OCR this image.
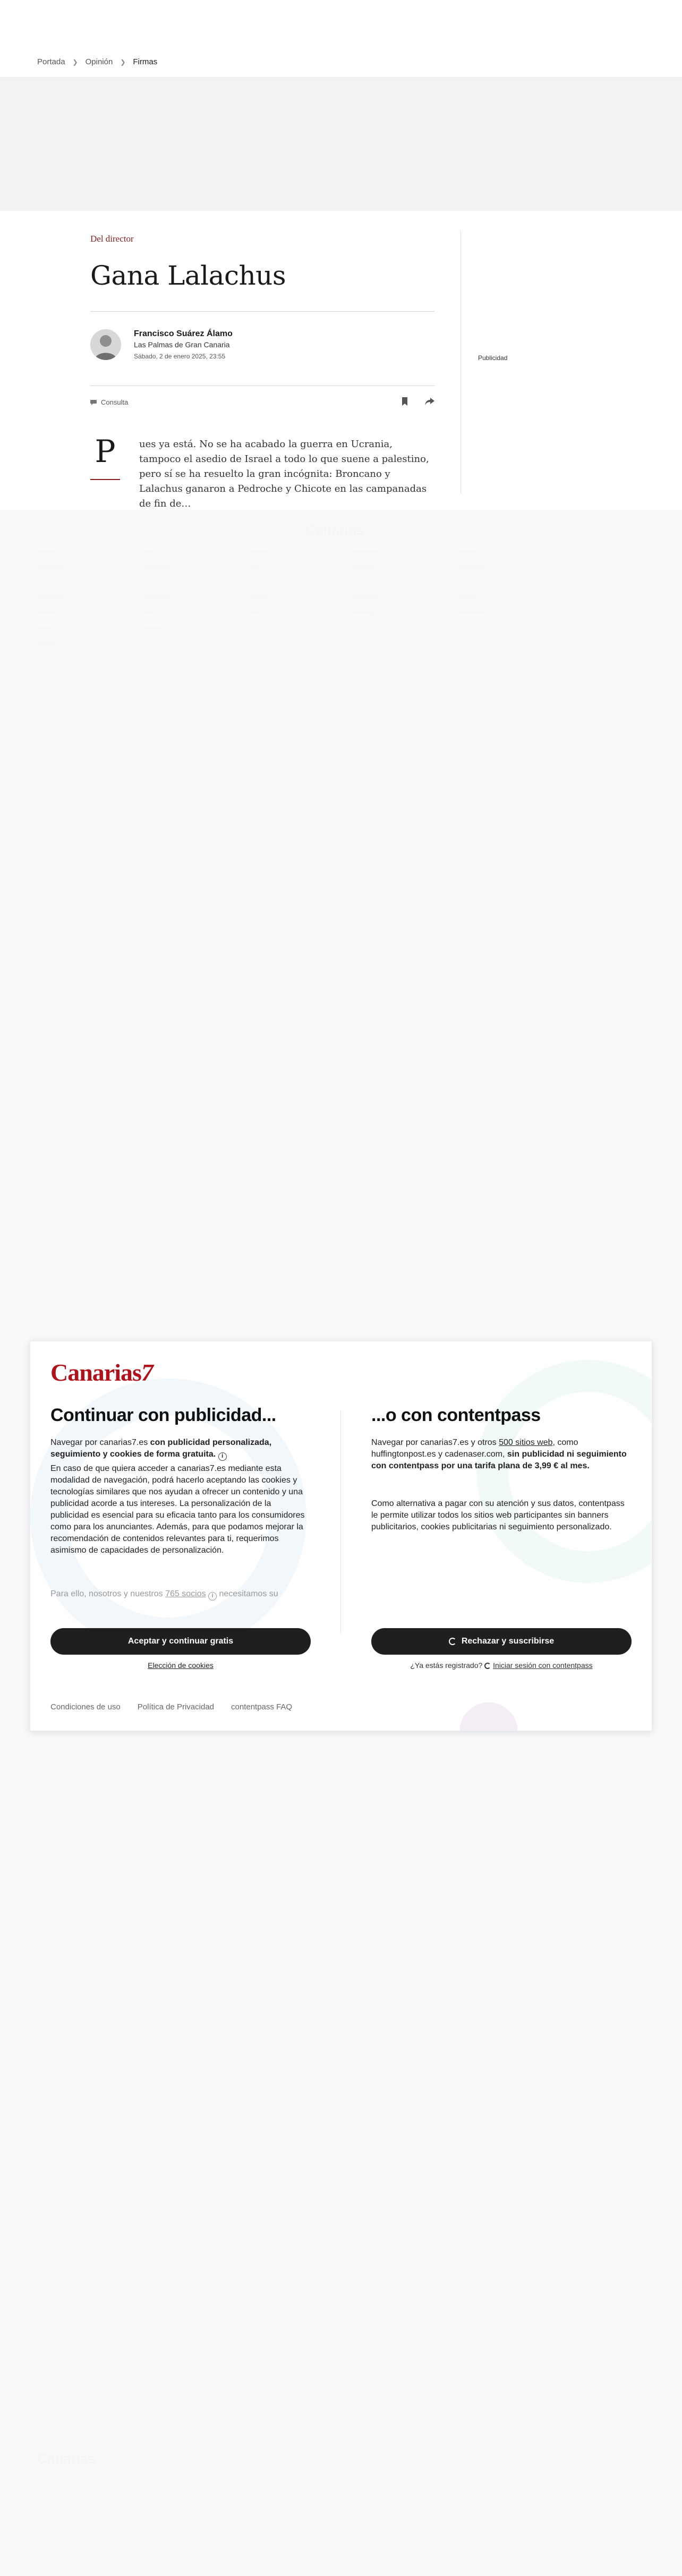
Portada ❯ Opinión ❯ Firmas
Del director
Gana Lalachus
Francisco Suárez Álamo
Las Palmas de Gran Canaria
Sábado, 2 de enero 2025, 23:55
Consulta
P	ues ya está. No se ha acabado la guerra en Ucrania, tampoco el asedio de Israel a todo lo que suene a palestino, pero sí se ha resuelto la gran incógnita: Broncano y Lalachus ganaron a Pedroche y Chicote en las campanadas de fin de…

Publicidad
Canarias7
Continuar con publicidad...

Navegar por canarias7.es con publicidad personalizada, seguimiento y cookies de forma gratuita. i

En caso de que quiera acceder a canarias7.es mediante esta modalidad de navegación, podrá hacerlo aceptando las cookies y tecnologías similares que nos ayudan a ofrecer un contenido y una publicidad acorde a tus intereses. La personalización de la publicidad es esencial para su eficacia tanto para los consumidores como para los anunciantes. Además, para que podamos mejorar la recomendación de contenidos relevantes para ti, requerimos asimismo de capacidades de personalización.

Para ello, nosotros y nuestros 765 socios i necesitamos su

Aceptar y continuar gratis
Elección de cookies
...o con contentpass

Navegar por canarias7.es y otros 500 sitios web, como huffingtonpost.es y cadenaser.com, sin publicidad ni seguimiento con contentpass por una tarifa plana de 3,99 € al mes.

Como alternativa a pagar con su atención y sus datos, contentpass le permite utilizar todos los sitios web participantes sin banners publicitarios, cookies publicitarias ni seguimiento personalizado.

Rechazar y suscribirse
¿Ya estás registrado? Iniciar sesión con contentpass
Condiciones de uso Política de Privacidad contentpass FAQ
